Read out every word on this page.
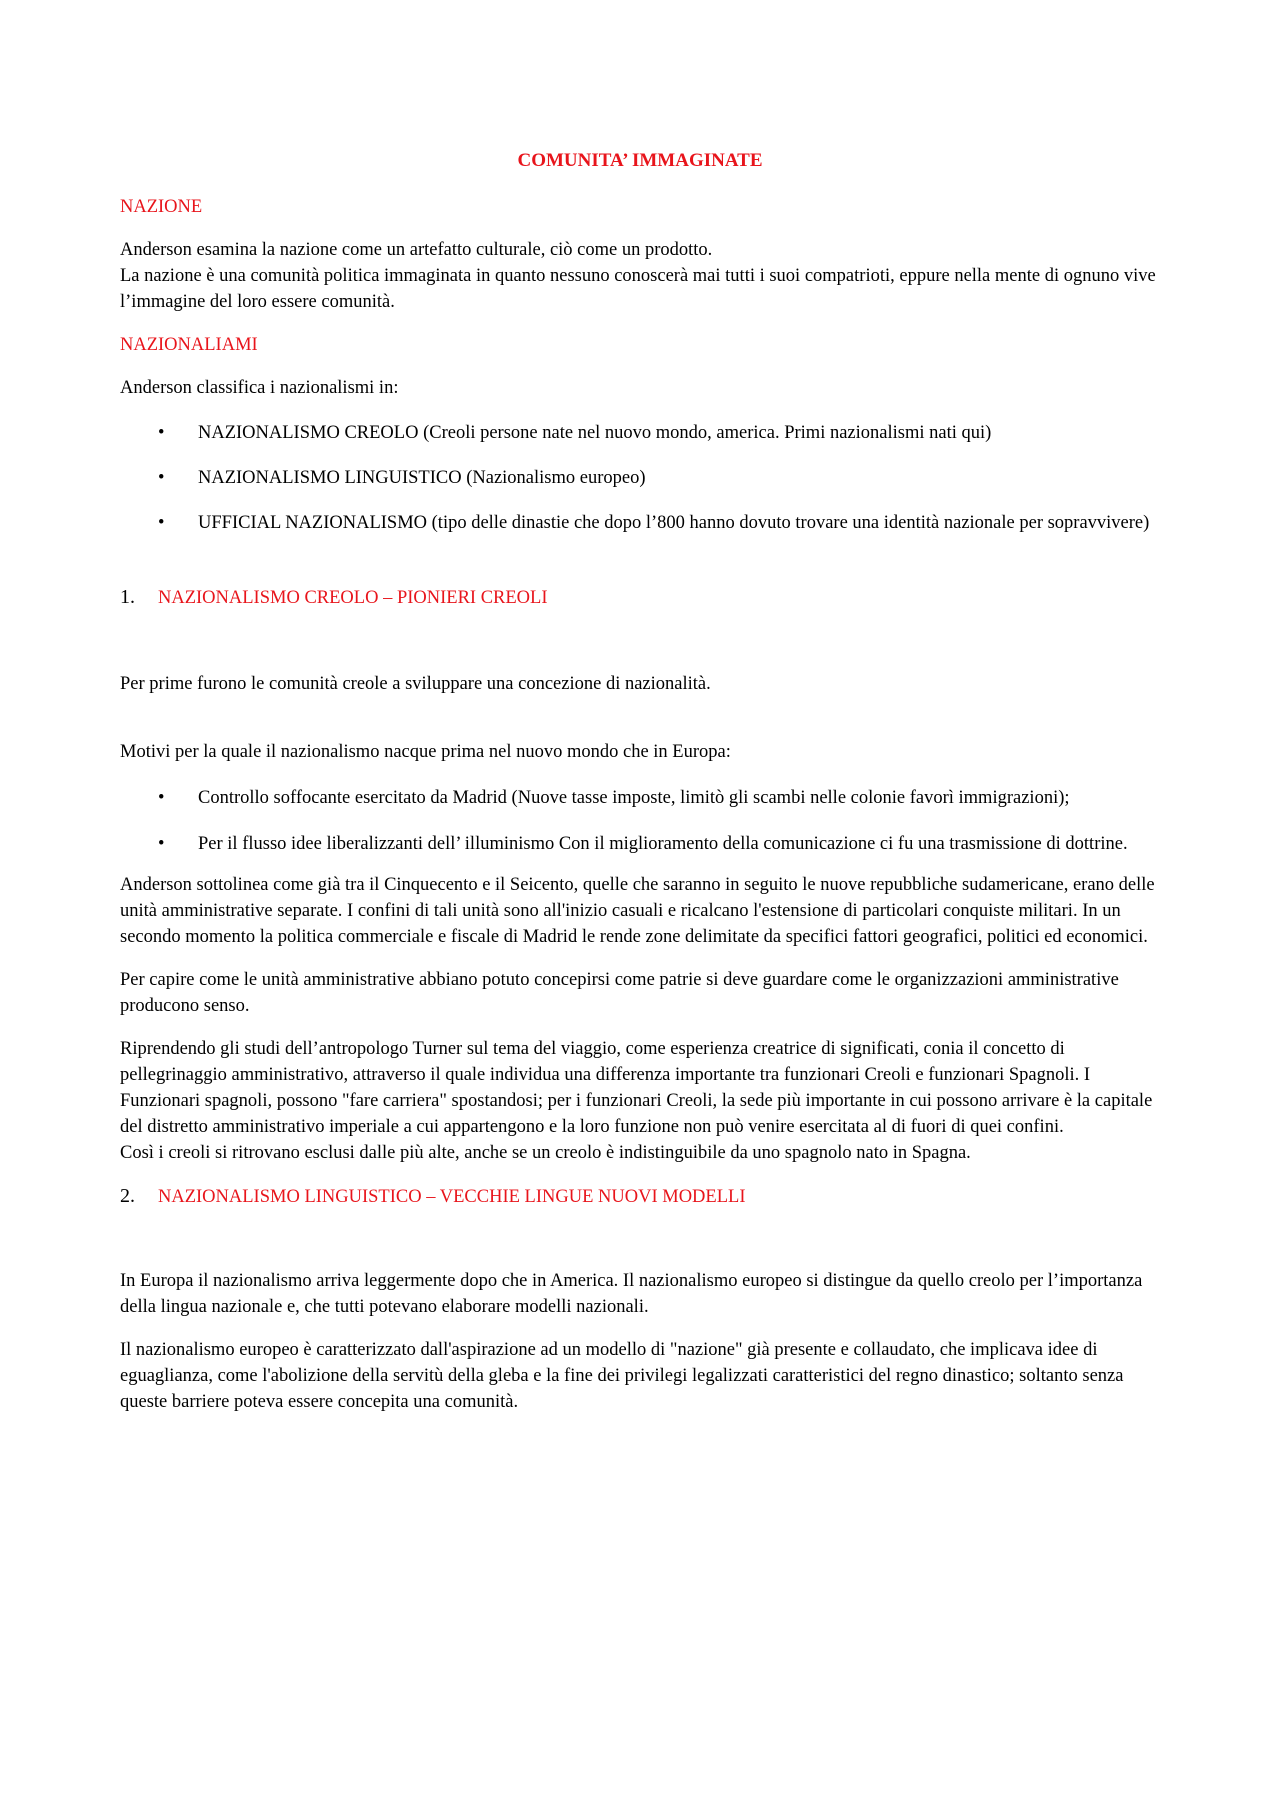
COMUNITA’ IMMAGINATE
NAZIONE

Anderson esamina la nazione come un artefatto culturale, ciò come un prodotto.
La nazione è una comunità politica immaginata in quanto nessuno conoscerà mai tutti i suoi compatrioti, eppure nella mente di ognuno vive l’immagine del loro essere comunità.

NAZIONALIAMI

Anderson classifica i nazionalismi in:

• NAZIONALISMO CREOLO (Creoli persone nate nel nuovo mondo, america. Primi nazionalismi nati qui)
• NAZIONALISMO LINGUISTICO (Nazionalismo europeo)
• UFFICIAL NAZIONALISMO (tipo delle dinastie che dopo l’800 hanno dovuto trovare una identità nazionale per sopravvivere)
1.	NAZIONALISMO CREOLO – PIONIERI CREOLI

Per prime furono le comunità creole a sviluppare una concezione di nazionalità.

Motivi per la quale il nazionalismo nacque prima nel nuovo mondo che in Europa:

• Controllo soffocante esercitato da Madrid (Nuove tasse imposte, limitò gli scambi nelle colonie favorì immigrazioni);
• Per il flusso idee liberalizzanti dell’ illuminismo Con il miglioramento della comunicazione ci fu una trasmissione di dottrine.

Anderson sottolinea come già tra il Cinquecento e il Seicento, quelle che saranno in seguito le nuove repubbliche sudamericane, erano delle unità amministrative separate. I confini di tali unità sono all'inizio casuali e ricalcano l'estensione di particolari conquiste militari. In un secondo momento la politica commerciale e fiscale di Madrid le rende zone delimitate da specifici fattori geografici, politici ed economici.

Per capire come le unità amministrative abbiano potuto concepirsi come patrie si deve guardare come le organizzazioni amministrative producono senso.

Riprendendo gli studi dell’antropologo Turner sul tema del viaggio, come esperienza creatrice di significati, conia il concetto di pellegrinaggio amministrativo, attraverso il quale individua una differenza importante tra funzionari Creoli e funzionari Spagnoli. I Funzionari spagnoli, possono "fare carriera" spostandosi; per i funzionari Creoli, la sede più importante in cui possono arrivare è la capitale del distretto amministrativo imperiale a cui appartengono e la loro funzione non può venire esercitata al di fuori di quei confini.
Così i creoli si ritrovano esclusi dalle più alte, anche se un creolo è indistinguibile da uno spagnolo nato in Spagna.

2.	NAZIONALISMO LINGUISTICO – VECCHIE LINGUE NUOVI MODELLI

In Europa il nazionalismo arriva leggermente dopo che in America. Il nazionalismo europeo si distingue da quello creolo per l’importanza della lingua nazionale e, che tutti potevano elaborare modelli nazionali.

Il nazionalismo europeo è caratterizzato dall'aspirazione ad un modello di "nazione" già presente e collaudato, che implicava idee di eguaglianza, come l'abolizione della servitù della gleba e la fine dei privilegi legalizzati caratteristici del regno dinastico; soltanto senza queste barriere poteva essere concepita una comunità.
